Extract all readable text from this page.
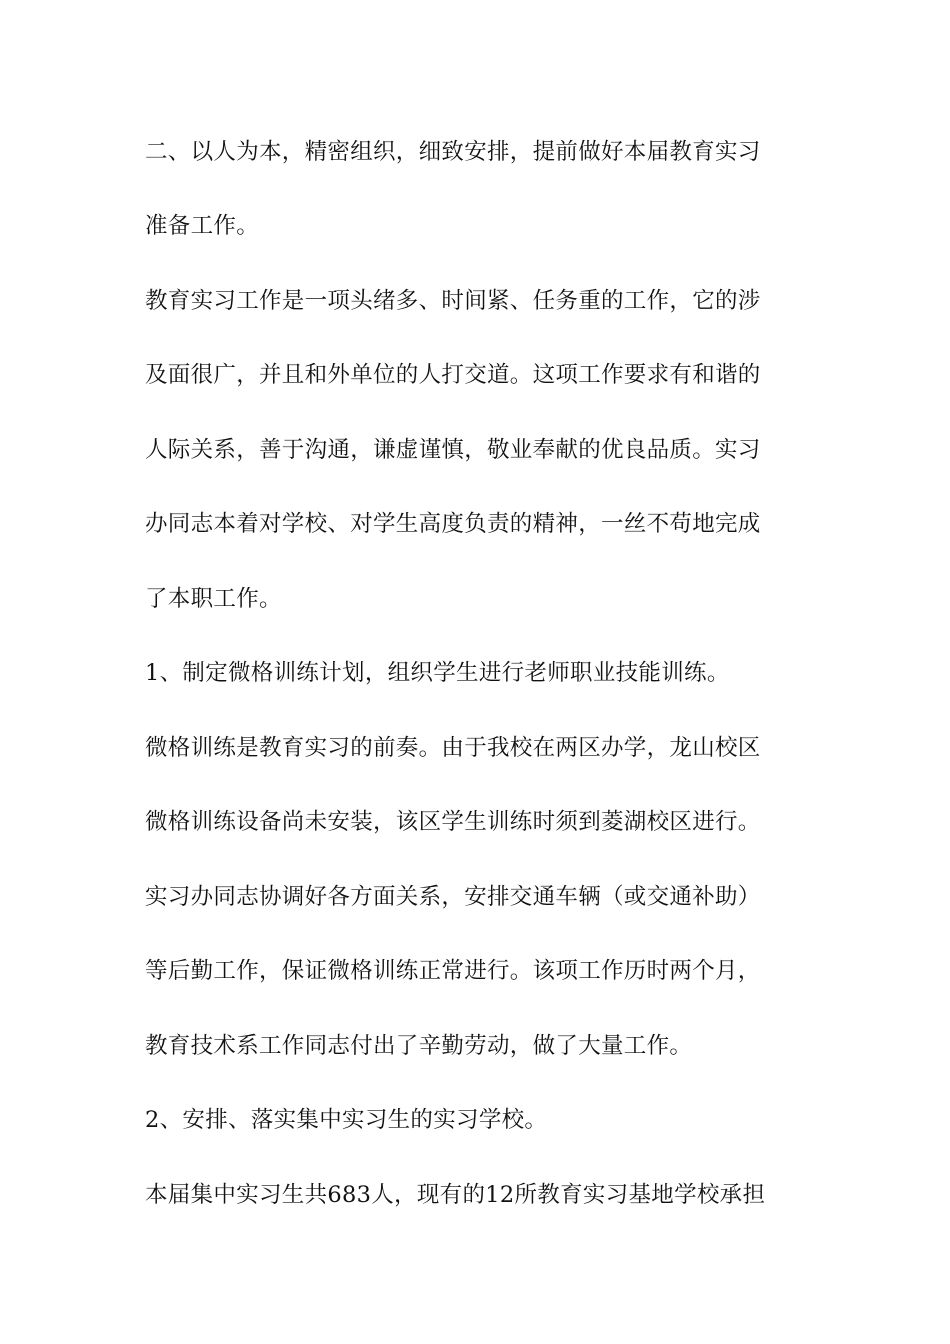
二、以人为本，精密组织，细致安排，提前做好本届教育实习
准备工作。
教育实习工作是一项头绪多、时间紧、任务重的工作，它的涉
及面很广，并且和外单位的人打交道。这项工作要求有和谐的
人际关系，善于沟通，谦虚谨慎，敬业奉献的优良品质。实习
办同志本着对学校、对学生高度负责的精神，一丝不苟地完成
了本职工作。
1、制定微格训练计划，组织学生进行老师职业技能训练。
微格训练是教育实习的前奏。由于我校在两区办学，龙山校区
微格训练设备尚未安装，该区学生训练时须到菱湖校区进行。
实习办同志协调好各方面关系，安排交通车辆（或交通补助）
等后勤工作，保证微格训练正常进行。该项工作历时两个月，
教育技术系工作同志付出了辛勤劳动，做了大量工作。
2、安排、落实集中实习生的实习学校。
本届集中实习生共683人，现有的12所教育实习基地学校承担
